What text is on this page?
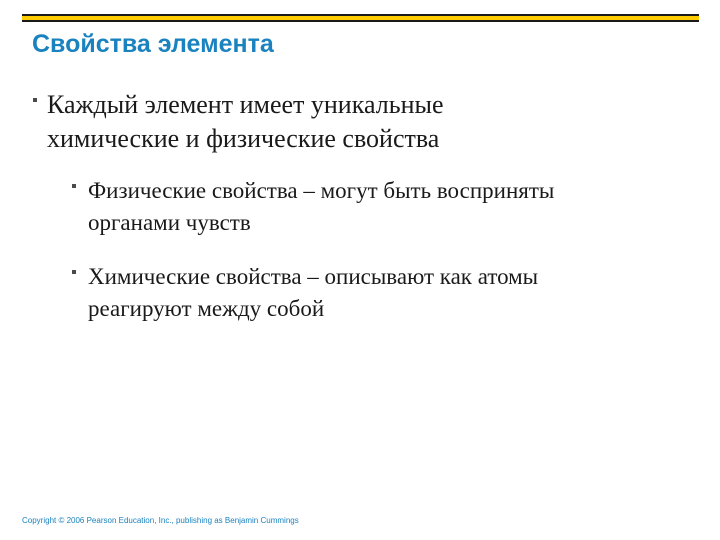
Свойства элемента
Каждый элемент имеет уникальные
химические и физические свойства
Физические свойства – могут быть восприняты
органами чувств
Химические свойства – описывают как атомы
реагируют между собой

Copyright © 2006 Pearson Education, Inc., publishing as Benjamin Cummings
